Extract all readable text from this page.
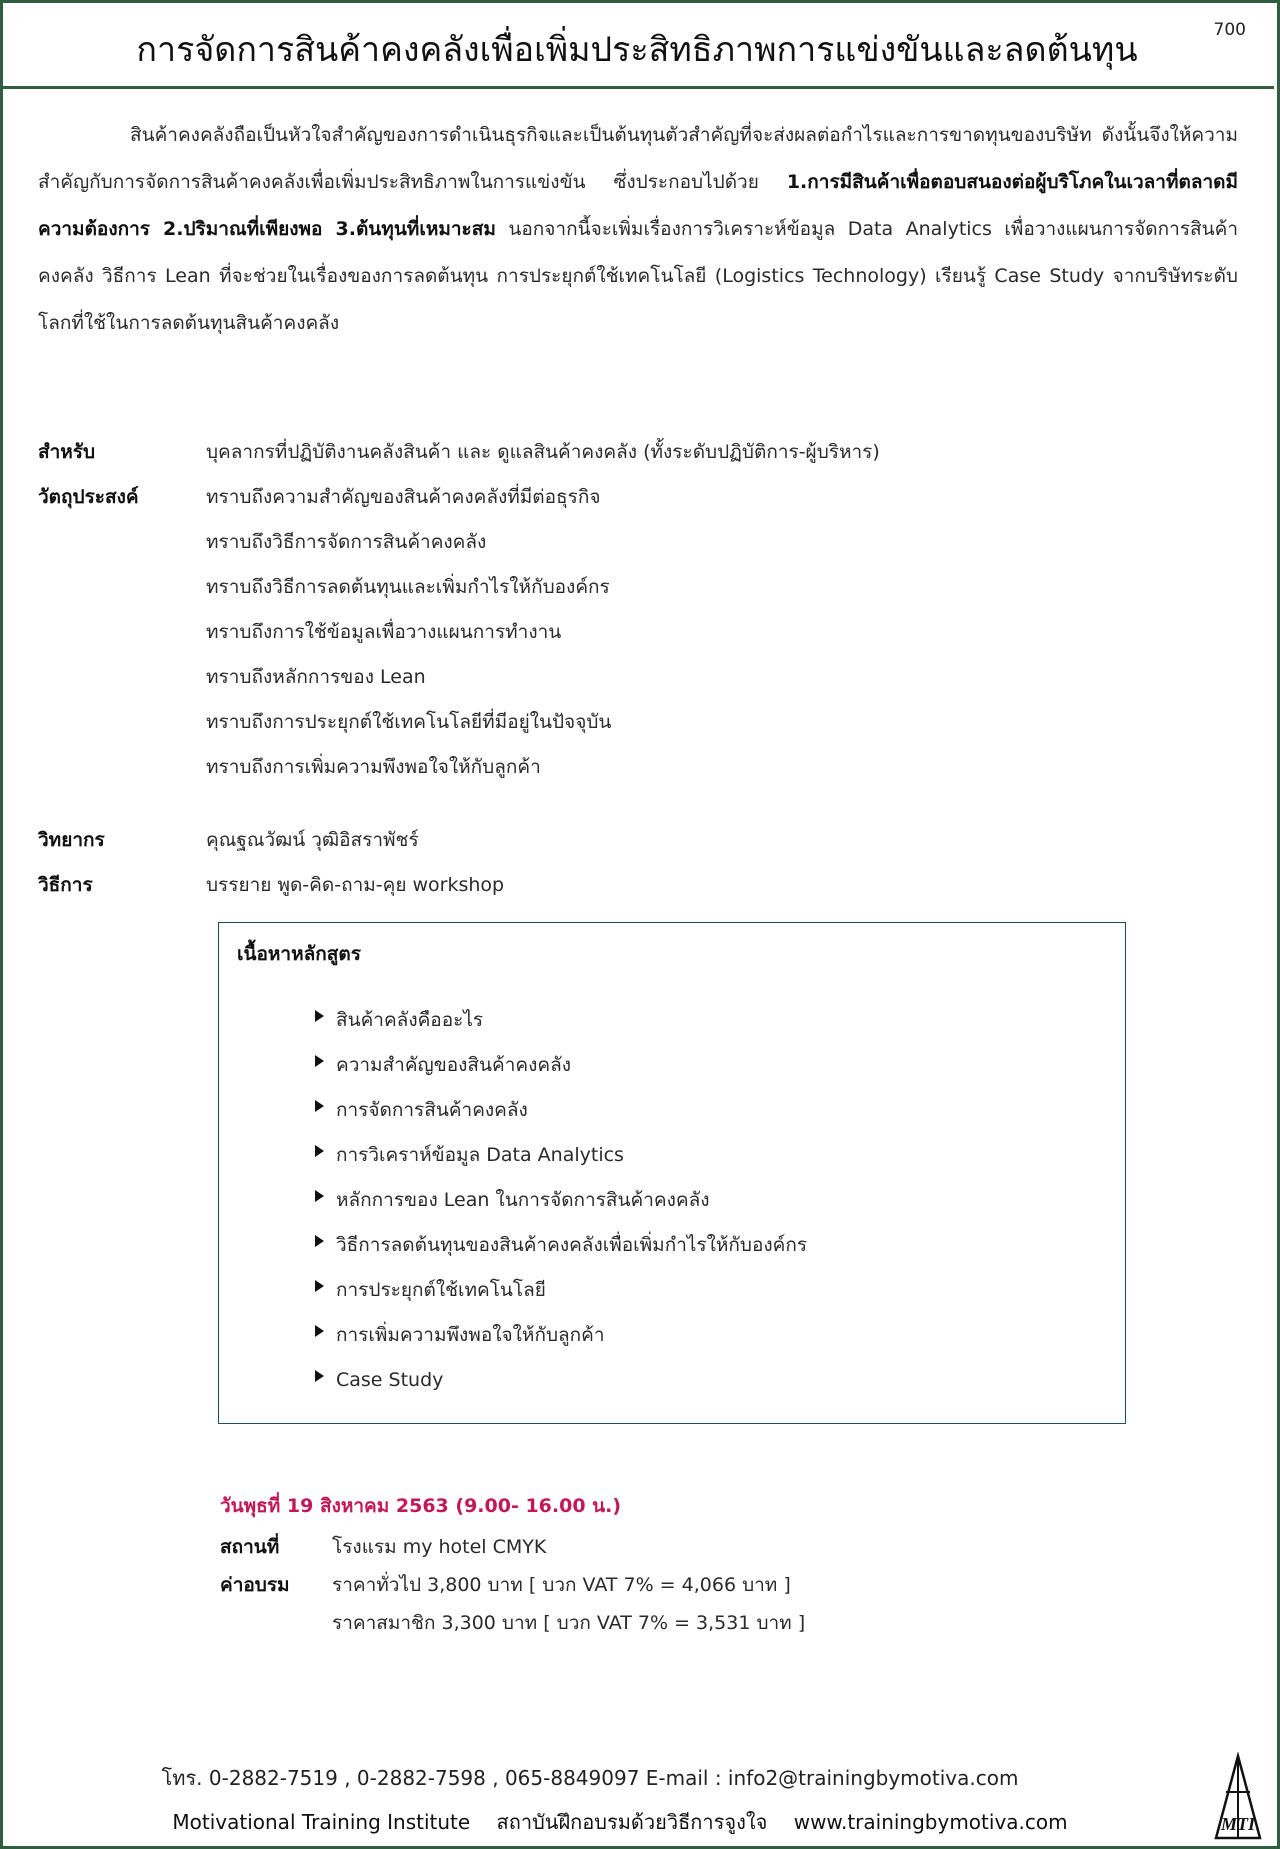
การจัดการสินค้าคงคลังเพื่อเพิ่มประสิทธิภาพการแข่งขันและลดต้นทุน	700

สินค้าคงคลังถือเป็นหัวใจสำคัญของการดำเนินธุรกิจและเป็นต้นทุนตัวสำคัญที่จะส่งผลต่อกำไรและการขาดทุนของบริษัท ดังนั้นจึงให้ความสำคัญกับการจัดการสินค้าคงคลังเพื่อเพิ่มประสิทธิภาพในการแข่งขัน ซึ่งประกอบไปด้วย 1.การมีสินค้าเพื่อตอบสนองต่อผู้บริโภคในเวลาที่ตลาดมีความต้องการ 2.ปริมาณที่เพียงพอ 3.ต้นทุนที่เหมาะสม นอกจากนี้จะเพิ่มเรื่องการวิเคราะห์ข้อมูล Data Analytics เพื่อวางแผนการจัดการสินค้าคงคลัง วิธีการ Lean ที่จะช่วยในเรื่องของการลดต้นทุน การประยุกต์ใช้เทคโนโลยี (Logistics Technology) เรียนรู้ Case Study จากบริษัทระดับโลกที่ใช้ในการลดต้นทุนสินค้าคงคลัง

สำหรับ	บุคลากรที่ปฏิบัติงานคลังสินค้า และ ดูแลสินค้าคงคลัง (ทั้งระดับปฏิบัติการ-ผู้บริหาร)
วัตถุประสงค์	ทราบถึงความสำคัญของสินค้าคงคลังที่มีต่อธุรกิจ
ทราบถึงวิธีการจัดการสินค้าคงคลัง
ทราบถึงวิธีการลดต้นทุนและเพิ่มกำไรให้กับองค์กร
ทราบถึงการใช้ข้อมูลเพื่อวางแผนการทำงาน
ทราบถึงหลักการของ Lean
ทราบถึงการประยุกต์ใช้เทคโนโลยีที่มีอยู่ในปัจจุบัน
ทราบถึงการเพิ่มความพึงพอใจให้กับลูกค้า
วิทยากร	คุณฐณวัฒน์ วุฒิอิสราพัชร์
วิธีการ	บรรยาย พูด-คิด-ถาม-คุย workshop
เนื้อหาหลักสูตร
สินค้าคลังคืออะไร
ความสำคัญของสินค้าคงคลัง
การจัดการสินค้าคงคลัง
การวิเคราห์ข้อมูล Data Analytics
หลักการของ Lean ในการจัดการสินค้าคงคลัง
วิธีการลดต้นทุนของสินค้าคงคลังเพื่อเพิ่มกำไรให้กับองค์กร
การประยุกต์ใช้เทคโนโลยี
การเพิ่มความพึงพอใจให้กับลูกค้า
Case Study
วันพุธที่ 19 สิงหาคม 2563 (9.00- 16.00 น.)
สถานที่	โรงแรม my hotel CMYK
ค่าอบรม	ราคาทั่วไป 3,800 บาท [ บวก VAT 7% = 4,066 บาท ]
ราคาสมาชิก 3,300 บาท [ บวก VAT 7% = 3,531 บาท ]
โทร. 0-2882-7519 , 0-2882-7598 , 065-8849097 E-mail : info2@trainingbymotiva.com
Motivational Training Institute สถาบันฝึกอบรมด้วยวิธีการจูงใจ www.trainingbymotiva.com	MTI
